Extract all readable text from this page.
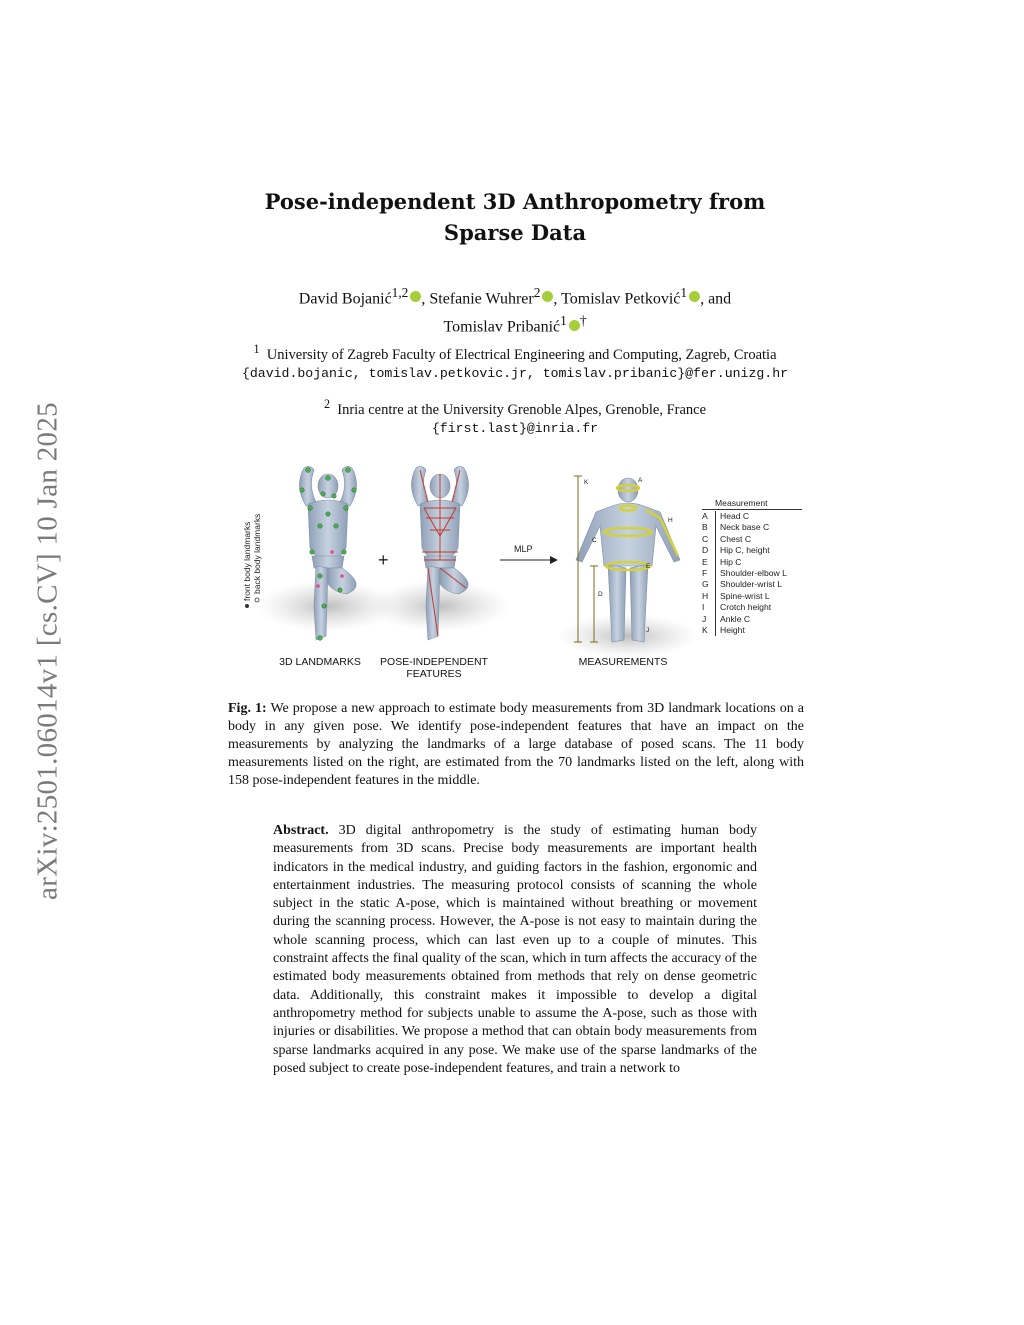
arXiv:2501.06014v1 [cs.CV] 10 Jan 2025
Pose-independent 3D Anthropometry from Sparse Data
David Bojanić$^{1,2}$ , Stefanie Wuhrer$^2$ , Tomislav Petković$^1$ , and
Tomislav Pribanić$^1$ †
$^1$ University of Zagreb Faculty of Electrical Engineering and Computing, Zagreb, Croatia
{david.bojanic, tomislav.petkovic.jr, tomislav.pribanic}@fer.unizg.hr
$^2$ Inria centre at the University Grenoble Alpes, Grenoble, France
{first.last}@inria.fr
front body landmarks back body landmarks	+
MLP
K	A
H
C
E
D
J
3D LANDMARKS	POSE-INDEPENDENT
FEATURES
MEASUREMENTS
Measurement
A	Head C
B	Neck base C
C	Chest C
D	Hip C, height
E	Hip C
F	Shoulder-elbow L
G	Shoulder-wrist L
H	Spine-wrist L
I	Crotch height
J	Ankle C
K	Height
Fig. 1: We propose a new approach to estimate body measurements from 3D landmark locations on a body in any given pose. We identify pose-independent features that have an impact on the measurements by analyzing the landmarks of a large database of posed scans. The 11 body measurements listed on the right, are estimated from the 70 landmarks listed on the left, along with 158 pose-independent features in the middle.
Abstract. 3D digital anthropometry is the study of estimating human body measurements from 3D scans. Precise body measurements are important health indicators in the medical industry, and guiding factors in the fashion, ergonomic and entertainment industries. The measuring protocol consists of scanning the whole subject in the static A-pose, which is maintained without breathing or movement during the scanning process. However, the A-pose is not easy to maintain during the whole scanning process, which can last even up to a couple of minutes. This constraint affects the final quality of the scan, which in turn affects the accuracy of the estimated body measurements obtained from methods that rely on dense geometric data. Additionally, this constraint makes it impossible to develop a digital anthropometry method for subjects unable to assume the A-pose, such as those with injuries or disabilities. We propose a method that can obtain body measurements from sparse landmarks acquired in any pose. We make use of the sparse landmarks of the posed subject to create pose-independent features, and train a network to
